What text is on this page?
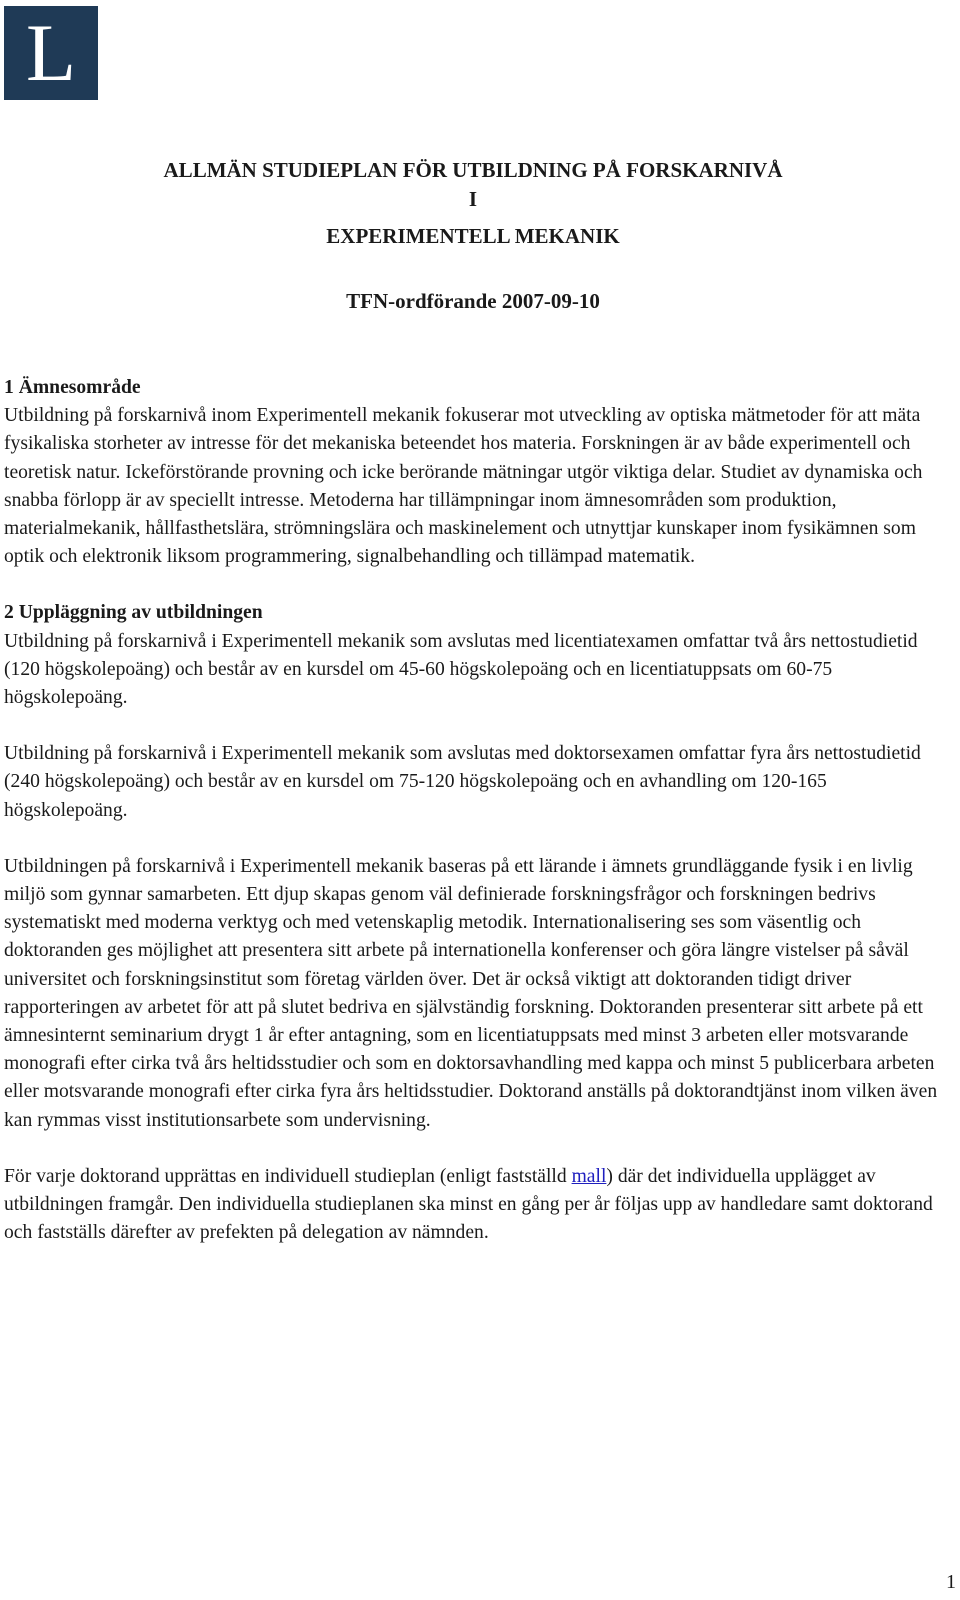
L
ALLMÄN STUDIEPLAN FÖR UTBILDNING PÅ FORSKARNIVÅ
I
EXPERIMENTELL MEKANIK
TFN-ordförande 2007-09-10

1 Ämnesområde
Utbildning på forskarnivå inom Experimentell mekanik fokuserar mot utveckling av optiska mätmetoder för att mäta fysikaliska storheter av intresse för det mekaniska beteendet hos materia. Forskningen är av både experimentell och teoretisk natur. Ickeförstörande provning och icke berörande mätningar utgör viktiga delar. Studiet av dynamiska och snabba förlopp är av speciellt intresse. Metoderna har tillämpningar inom ämnesområden som produktion, materialmekanik, hållfasthetslära, strömningslära och maskinelement och utnyttjar kunskaper inom fysikämnen som optik och elektronik liksom programmering, signalbehandling och tillämpad matematik.

2 Uppläggning av utbildningen
Utbildning på forskarnivå i Experimentell mekanik som avslutas med licentiatexamen omfattar två års nettostudietid (120 högskolepoäng) och består av en kursdel om 45-60 högskolepoäng och en licentiatuppsats om 60-75 högskolepoäng.

Utbildning på forskarnivå i Experimentell mekanik som avslutas med doktorsexamen omfattar fyra års nettostudietid (240 högskolepoäng) och består av en kursdel om 75-120 högskolepoäng och en avhandling om 120-165 högskolepoäng.

Utbildningen på forskarnivå i Experimentell mekanik baseras på ett lärande i ämnets grundläggande fysik i en livlig miljö som gynnar samarbeten. Ett djup skapas genom väl definierade forskningsfrågor och forskningen bedrivs systematiskt med moderna verktyg och med vetenskaplig metodik. Internationalisering ses som väsentlig och doktoranden ges möjlighet att presentera sitt arbete på internationella konferenser och göra längre vistelser på såväl universitet och forskningsinstitut som företag världen över. Det är också viktigt att doktoranden tidigt driver rapporteringen av arbetet för att på slutet bedriva en självständig forskning. Doktoranden presenterar sitt arbete på ett ämnesinternt seminarium drygt 1 år efter antagning, som en licentiatuppsats med minst 3 arbeten eller motsvarande monografi efter cirka två års heltidsstudier och som en doktorsavhandling med kappa och minst 5 publicerbara arbeten eller motsvarande monografi efter cirka fyra års heltidsstudier. Doktorand anställs på doktorandtjänst inom vilken även kan rymmas visst institutionsarbete som undervisning.

För varje doktorand upprättas en individuell studieplan (enligt fastställd mall) där det individuella upplägget av utbildningen framgår. Den individuella studieplanen ska minst en gång per år följas upp av handledare samt doktorand och fastställs därefter av prefekten på delegation av nämnden.

1
